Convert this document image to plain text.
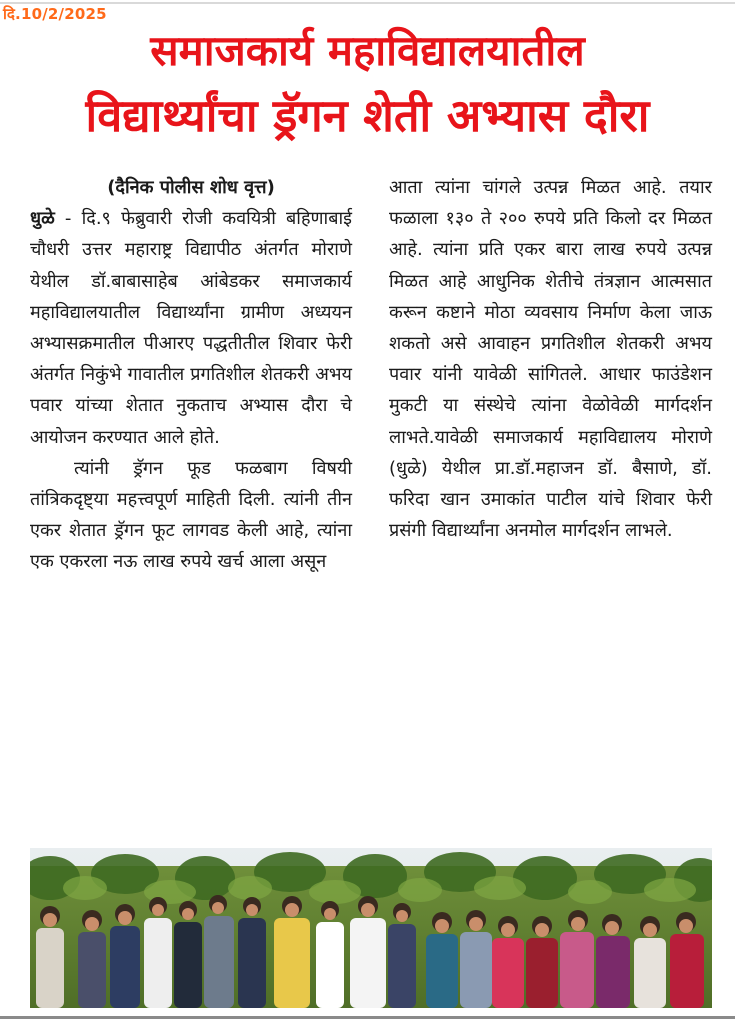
दि.10/2/2025
समाजकार्य महाविद्यालयातील
विद्यार्थ्यांचा ड्रॅगन शेती अभ्यास दौरा
(दैनिक पोलीस शोध वृत्त)

धुळे - दि.९ फेब्रुवारी रोजी कवयित्री बहिणाबाई चौधरी उत्तर महाराष्ट्र विद्यापीठ अंतर्गत मोराणे येथील डॉ.बाबासाहेब आंबेडकर समाजकार्य महाविद्यालयातील विद्यार्थ्यांना ग्रामीण अध्ययन अभ्यासक्रमातील पीआरए पद्धतीतील शिवार फेरी अंतर्गत निकुंभे गावातील प्रगतिशील शेतकरी अभय पवार यांच्या शेतात नुकताच अभ्यास दौरा चे आयोजन करण्यात आले होते.

त्यांनी ड्रॅगन फूड फळबाग विषयी तांत्रिकदृष्ट्या महत्त्वपूर्ण माहिती दिली. त्यांनी तीन एकर शेतात ड्रॅगन फूट लागवड केली आहे, त्यांना एक एकरला नऊ लाख रुपये खर्च आला असून

आता त्यांना चांगले उत्पन्न मिळत आहे. तयार फळाला १३० ते २०० रुपये प्रति किलो दर मिळत आहे. त्यांना प्रति एकर बारा लाख रुपये उत्पन्न मिळत आहे आधुनिक शेतीचे तंत्रज्ञान आत्मसात करून कष्टाने मोठा व्यवसाय निर्माण केला जाऊ शकतो असे आवाहन प्रगतिशील शेतकरी अभय पवार यांनी यावेळी सांगितले. आधार फाउंडेशन मुकटी या संस्थेचे त्यांना वेळोवेळी मार्गदर्शन लाभते.यावेळी समाजकार्य महाविद्यालय मोराणे (धुळे) येथील प्रा.डॉ.महाजन डॉ. बैसाणे, डॉ. फरिदा खान उमाकांत पाटील यांचे शिवार फेरी प्रसंगी विद्यार्थ्यांना अनमोल मार्गदर्शन लाभले.
